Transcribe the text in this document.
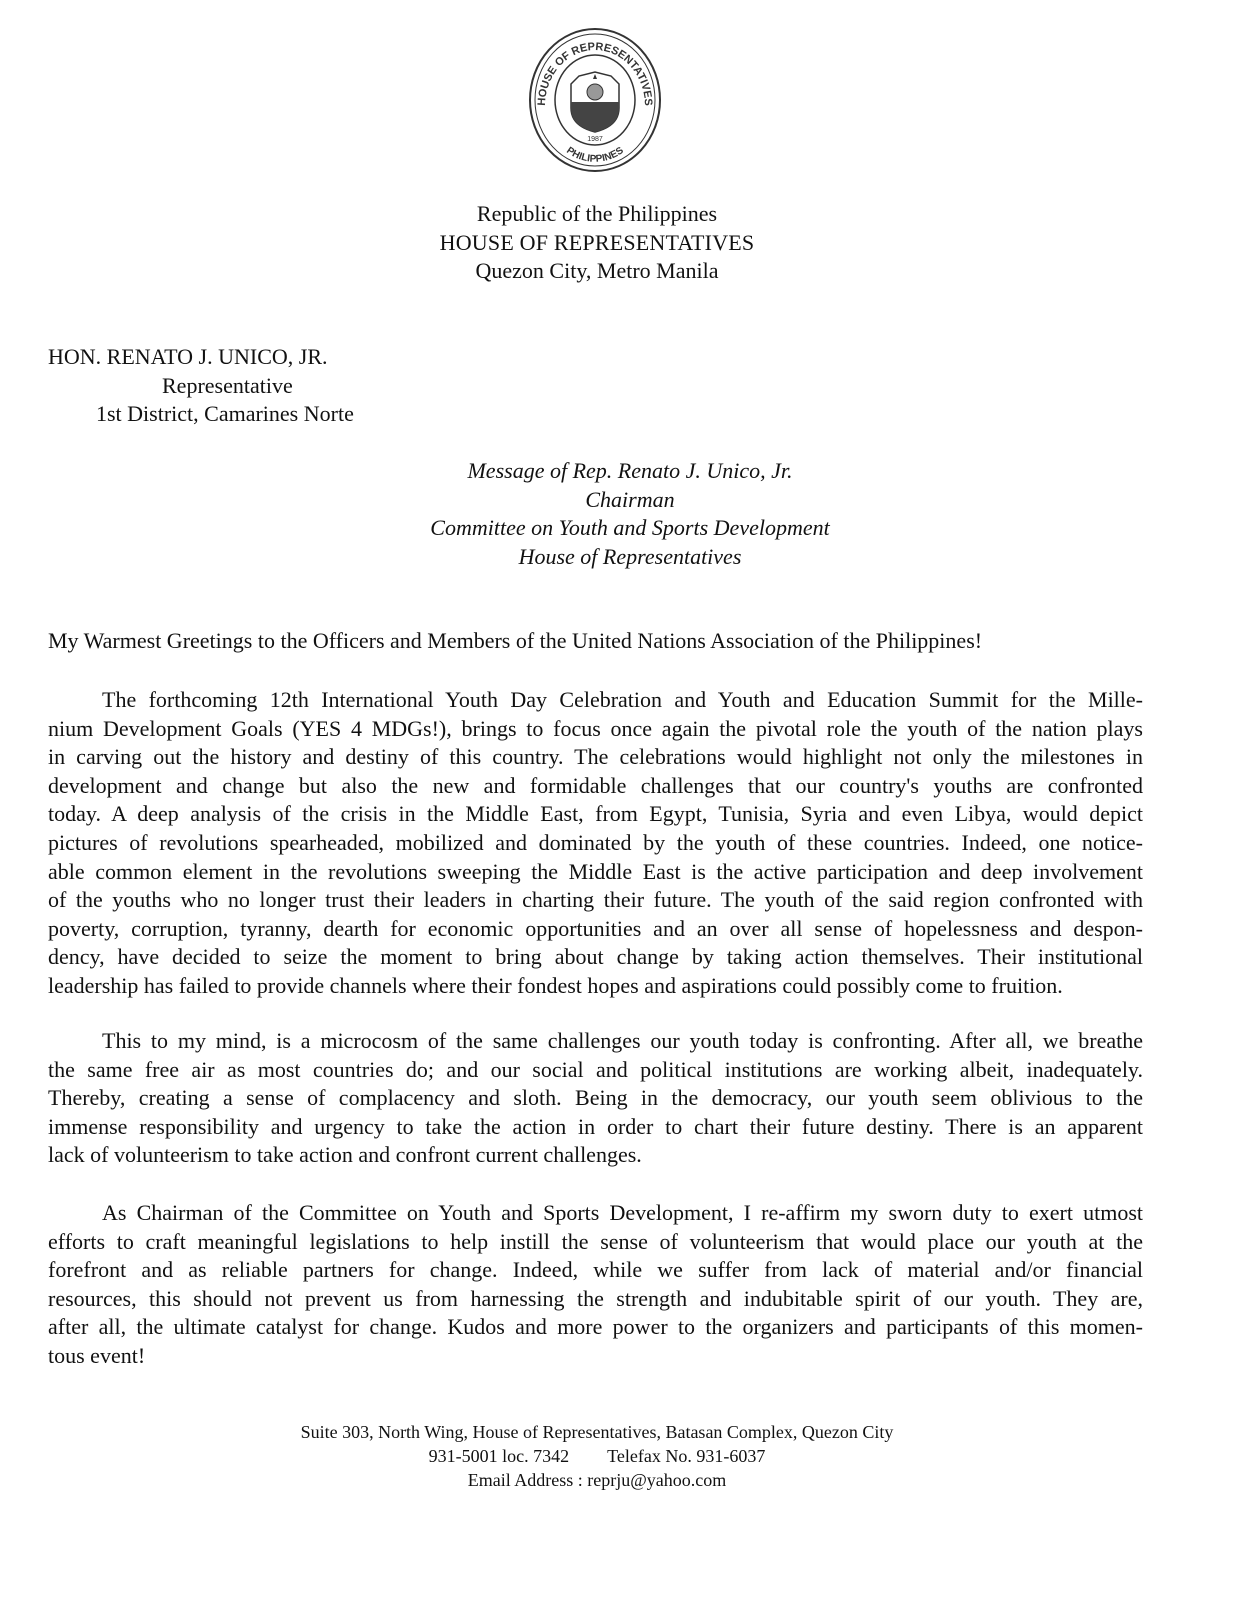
HOUSE OF REPRESENTATIVES
PHILIPPINES
1987
Republic of the Philippines
HOUSE OF REPRESENTATIVES
Quezon City, Metro Manila
HON. RENATO J. UNICO, JR.
Representative
1st District, Camarines Norte
Message of Rep. Renato J. Unico, Jr.
Chairman
Committee on Youth and Sports Development
House of Representatives
My Warmest Greetings to the Officers and Members of the United Nations Association of the Philippines!
The forthcoming 12th International Youth Day Celebration and Youth and Education Summit for the Mille-
nium Development Goals (YES 4 MDGs!), brings to focus once again the pivotal role the youth of the nation plays
in carving out the history and destiny of this country. The celebrations would highlight not only the milestones in
development and change but also the new and formidable challenges that our country's youths are confronted
today. A deep analysis of the crisis in the Middle East, from Egypt, Tunisia, Syria and even Libya, would depict
pictures of revolutions spearheaded, mobilized and dominated by the youth of these countries. Indeed, one notice-
able common element in the revolutions sweeping the Middle East is the active participation and deep involvement
of the youths who no longer trust their leaders in charting their future. The youth of the said region confronted with
poverty, corruption, tyranny, dearth for economic opportunities and an over all sense of hopelessness and despon-
dency, have decided to seize the moment to bring about change by taking action themselves. Their institutional
leadership has failed to provide channels where their fondest hopes and aspirations could possibly come to fruition.
This to my mind, is a microcosm of the same challenges our youth today is confronting. After all, we breathe
the same free air as most countries do; and our social and political institutions are working albeit, inadequately.
Thereby, creating a sense of complacency and sloth. Being in the democracy, our youth seem oblivious to the
immense responsibility and urgency to take the action in order to chart their future destiny. There is an apparent
lack of volunteerism to take action and confront current challenges.
As Chairman of the Committee on Youth and Sports Development, I re-affirm my sworn duty to exert utmost
efforts to craft meaningful legislations to help instill the sense of volunteerism that would place our youth at the
forefront and as reliable partners for change. Indeed, while we suffer from lack of material and/or financial
resources, this should not prevent us from harnessing the strength and indubitable spirit of our youth. They are,
after all, the ultimate catalyst for change. Kudos and more power to the organizers and participants of this momen-
tous event!
Suite 303, North Wing, House of Representatives, Batasan Complex, Quezon City
931-5001 loc. 7342 Telefax No. 931-6037
Email Address : reprju@yahoo.com
